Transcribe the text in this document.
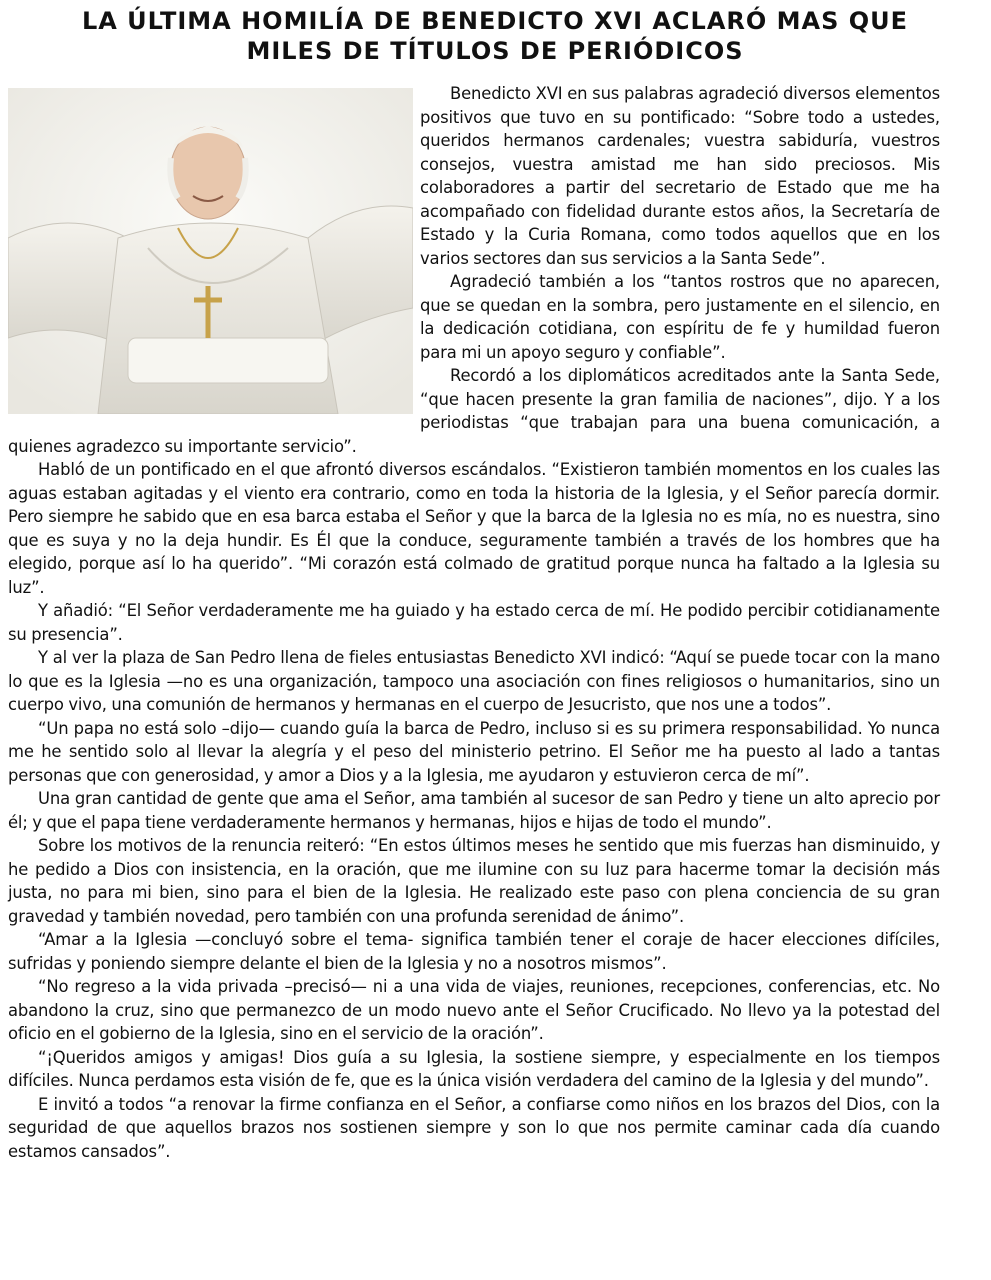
LA ÚLTIMA HOMILÍA DE BENEDICTO XVI ACLARÓ MAS QUE
MILES DE TÍTULOS DE PERIÓDICOS

Benedicto XVI en sus palabras agradeció diversos elementos positivos que tuvo en su pontificado: “Sobre todo a ustedes, queridos hermanos cardenales; vuestra sabiduría, vuestros consejos, vuestra amistad me han sido preciosos. Mis colaboradores a partir del secretario de Estado que me ha acompañado con fidelidad durante estos años, la Secretaría de Estado y la Curia Romana, como todos aquellos que en los varios sectores dan sus servicios a la Santa Sede”.

Agradeció también a los “tantos rostros que no aparecen, que se quedan en la sombra, pero justamente en el silencio, en la dedicación cotidiana, con espíritu de fe y humildad fueron para mi un apoyo seguro y confiable”.

Recordó a los diplomáticos acreditados ante la Santa Sede, “que hacen presente la gran familia de naciones”, dijo. Y a los periodistas “que trabajan para una buena comunicación, a quienes agradezco su importante servicio”.

Habló de un pontificado en el que afrontó diversos escándalos. “Existieron también momentos en los cuales las aguas estaban agitadas y el viento era contrario, como en toda la historia de la Iglesia, y el Señor parecía dormir. Pero siempre he sabido que en esa barca estaba el Señor y que la barca de la Iglesia no es mía, no es nuestra, sino que es suya y no la deja hundir. Es Él que la conduce, seguramente también a través de los hombres que ha elegido, porque así lo ha querido”. “Mi corazón está colmado de gratitud porque nunca ha faltado a la Iglesia su luz”.

Y añadió: “El Señor verdaderamente me ha guiado y ha estado cerca de mí. He podido percibir cotidianamente su presencia”.

Y al ver la plaza de San Pedro llena de fieles entusiastas Benedicto XVI indicó: “Aquí se puede tocar con la mano lo que es la Iglesia —no es una organización, tampoco una asociación con fines religiosos o humanitarios, sino un cuerpo vivo, una comunión de hermanos y hermanas en el cuerpo de Jesucristo, que nos une a todos”.

“Un papa no está solo –dijo— cuando guía la barca de Pedro, incluso si es su primera responsabilidad. Yo nunca me he sentido solo al llevar la alegría y el peso del ministerio petrino. El Señor me ha puesto al lado a tantas personas que con generosidad, y amor a Dios y a la Iglesia, me ayudaron y estuvieron cerca de mí”.

Una gran cantidad de gente que ama el Señor, ama también al sucesor de san Pedro y tiene un alto aprecio por él; y que el papa tiene verdaderamente hermanos y hermanas, hijos e hijas de todo el mundo”.

Sobre los motivos de la renuncia reiteró: “En estos últimos meses he sentido que mis fuerzas han disminuido, y he pedido a Dios con insistencia, en la oración, que me ilumine con su luz para hacerme tomar la decisión más justa, no para mi bien, sino para el bien de la Iglesia. He realizado este paso con plena conciencia de su gran gravedad y también novedad, pero también con una profunda serenidad de ánimo”.

“Amar a la Iglesia —concluyó sobre el tema- significa también tener el coraje de hacer elecciones difíciles, sufridas y poniendo siempre delante el bien de la Iglesia y no a nosotros mismos”.

“No regreso a la vida privada –precisó— ni a una vida de viajes, reuniones, recepciones, conferencias, etc. No abandono la cruz, sino que permanezco de un modo nuevo ante el Señor Crucificado. No llevo ya la potestad del oficio en el gobierno de la Iglesia, sino en el servicio de la oración”.

“¡Queridos amigos y amigas! Dios guía a su Iglesia, la sostiene siempre, y especialmente en los tiempos difíciles. Nunca perdamos esta visión de fe, que es la única visión verdadera del camino de la Iglesia y del mundo”.

E invitó a todos “a renovar la firme confianza en el Señor, a confiarse como niños en los brazos del Dios, con la seguridad de que aquellos brazos nos sostienen siempre y son lo que nos permite caminar cada día cuando estamos cansados”.
